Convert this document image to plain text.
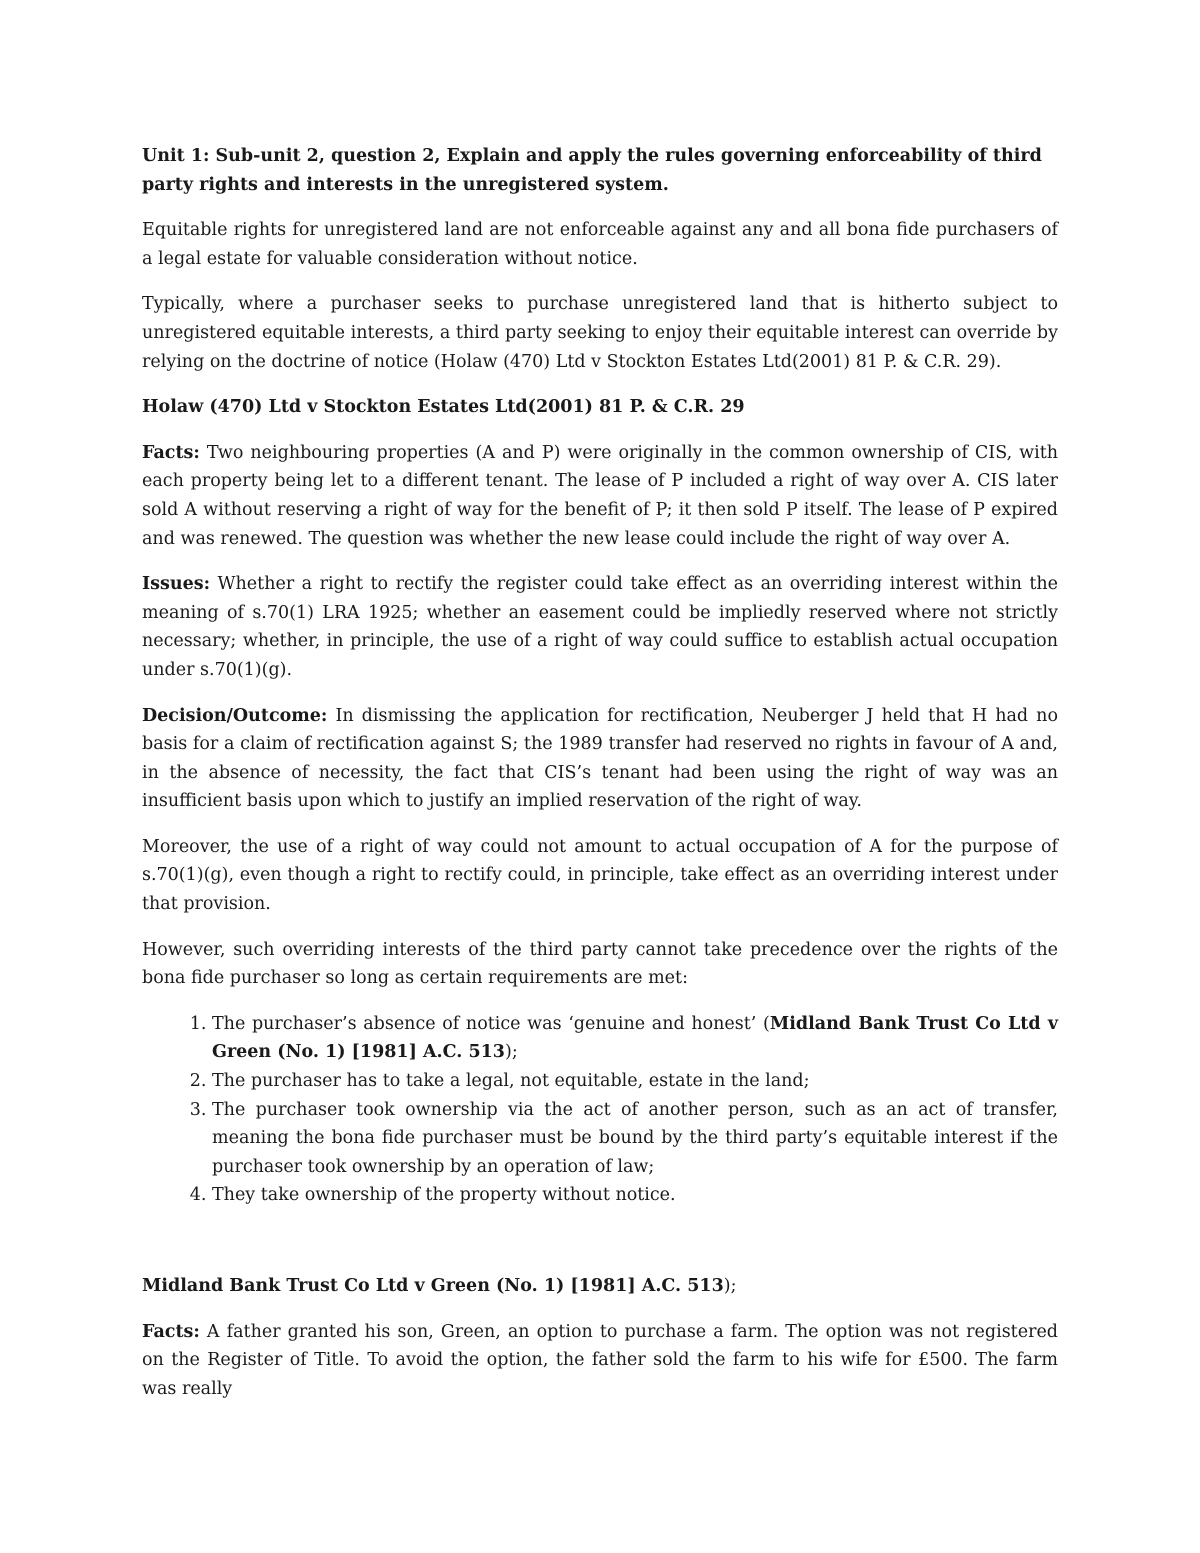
Unit 1: Sub-unit 2, question 2, Explain and apply the rules governing enforceability of third party rights and interests in the unregistered system.

Equitable rights for unregistered land are not enforceable against any and all bona fide purchasers of a legal estate for valuable consideration without notice.

Typically, where a purchaser seeks to purchase unregistered land that is hitherto subject to unregistered equitable interests, a third party seeking to enjoy their equitable interest can override by relying on the doctrine of notice (Holaw (470) Ltd v Stockton Estates Ltd(2001) 81 P. & C.R. 29).

Holaw (470) Ltd v Stockton Estates Ltd(2001) 81 P. & C.R. 29

Facts: Two neighbouring properties (A and P) were originally in the common ownership of CIS, with each property being let to a different tenant. The lease of P included a right of way over A. CIS later sold A without reserving a right of way for the benefit of P; it then sold P itself. The lease of P expired and was renewed. The question was whether the new lease could include the right of way over A.

Issues: Whether a right to rectify the register could take effect as an overriding interest within the meaning of s.70(1) LRA 1925; whether an easement could be impliedly reserved where not strictly necessary; whether, in principle, the use of a right of way could suffice to establish actual occupation under s.70(1)(g).

Decision/Outcome: In dismissing the application for rectification, Neuberger J held that H had no basis for a claim of rectification against S; the 1989 transfer had reserved no rights in favour of A and, in the absence of necessity, the fact that CIS’s tenant had been using the right of way was an insufficient basis upon which to justify an implied reservation of the right of way.

Moreover, the use of a right of way could not amount to actual occupation of A for the purpose of s.70(1)(g), even though a right to rectify could, in principle, take effect as an overriding interest under that provision.

However, such overriding interests of the third party cannot take precedence over the rights of the bona fide purchaser so long as certain requirements are met:

1. The purchaser’s absence of notice was ‘genuine and honest’ (Midland Bank Trust Co Ltd v Green (No. 1) [1981] A.C. 513);
2. The purchaser has to take a legal, not equitable, estate in the land;
3. The purchaser took ownership via the act of another person, such as an act of transfer, meaning the bona fide purchaser must be bound by the third party’s equitable interest if the purchaser took ownership by an operation of law;
4. They take ownership of the property without notice.

Midland Bank Trust Co Ltd v Green (No. 1) [1981] A.C. 513);

Facts: A father granted his son, Green, an option to purchase a farm. The option was not registered on the Register of Title. To avoid the option, the father sold the farm to his wife for £500. The farm was really
